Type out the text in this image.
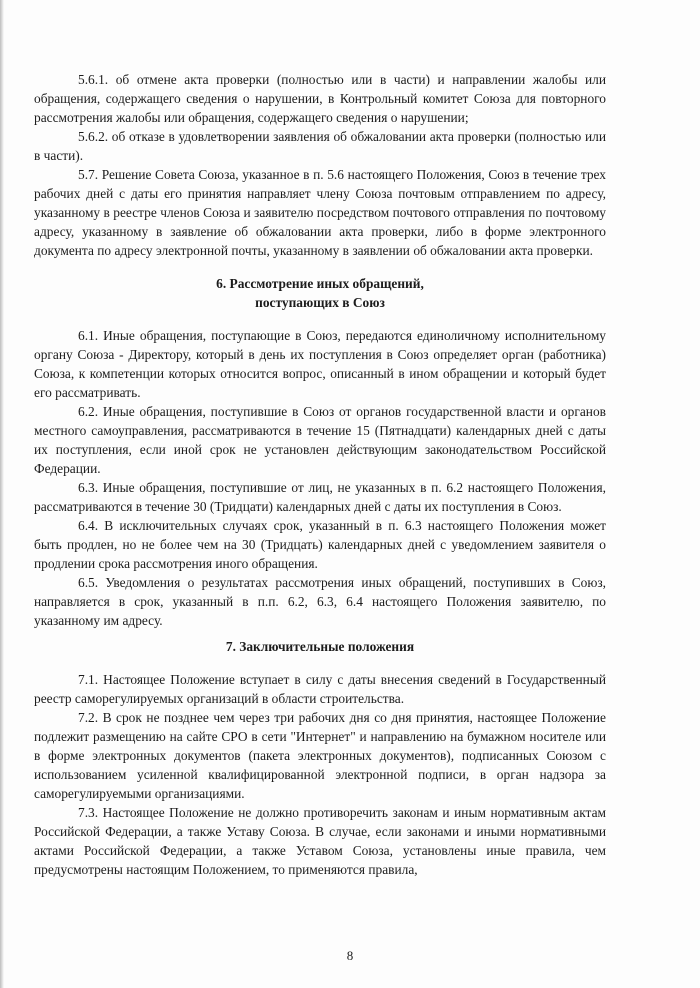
5.6.1. об отмене акта проверки (полностью или в части) и направлении жалобы или обращения, содержащего сведения о нарушении, в Контрольный комитет Союза для повторного рассмотрения жалобы или обращения, содержащего сведения о нарушении;

5.6.2. об отказе в удовлетворении заявления об обжаловании акта проверки (полностью или в части).

5.7. Решение Совета Союза, указанное в п. 5.6 настоящего Положения, Союз в течение трех рабочих дней с даты его принятия направляет члену Союза почтовым отправлением по адресу, указанному в реестре членов Союза и заявителю посредством почтового отправления по почтовому адресу, указанному в заявление об обжаловании акта проверки, либо в форме электронного документа по адресу электронной почты, указанному в заявлении об обжаловании акта проверки.

6. Рассмотрение иных обращений,

поступающих в Союз

6.1. Иные обращения, поступающие в Союз, передаются единоличному исполнительному органу Союза - Директору, который в день их поступления в Союз определяет орган (работника) Союза, к компетенции которых относится вопрос, описанный в ином обращении и который будет его рассматривать.

6.2. Иные обращения, поступившие в Союз от органов государственной власти и органов местного самоуправления, рассматриваются в течение 15 (Пятнадцати) календарных дней с даты их поступления, если иной срок не установлен действующим законодательством Российской Федерации.

6.3. Иные обращения, поступившие от лиц, не указанных в п. 6.2 настоящего Положения, рассматриваются в течение 30 (Тридцати) календарных дней с даты их поступления в Союз.

6.4. В исключительных случаях срок, указанный в п. 6.3 настоящего Положения может быть продлен, но не более чем на 30 (Тридцать) календарных дней с уведомлением заявителя о продлении срока рассмотрения иного обращения.

6.5. Уведомления о результатах рассмотрения иных обращений, поступивших в Союз, направляется в срок, указанный в п.п. 6.2, 6.3, 6.4 настоящего Положения заявителю, по указанному им адресу.

7. Заключительные положения

7.1. Настоящее Положение вступает в силу с даты внесения сведений в Государственный реестр саморегулируемых организаций в области строительства.

7.2. В срок не позднее чем через три рабочих дня со дня принятия, настоящее Положение подлежит размещению на сайте СРО в сети "Интернет" и направлению на бумажном носителе или в форме электронных документов (пакета электронных документов), подписанных Союзом с использованием усиленной квалифицированной электронной подписи, в орган надзора за саморегулируемыми организациями.

7.3. Настоящее Положение не должно противоречить законам и иным нормативным актам Российской Федерации, а также Уставу Союза. В случае, если законами и иными нормативными актами Российской Федерации, а также Уставом Союза, установлены иные правила, чем предусмотрены настоящим Положением, то применяются правила,

8
